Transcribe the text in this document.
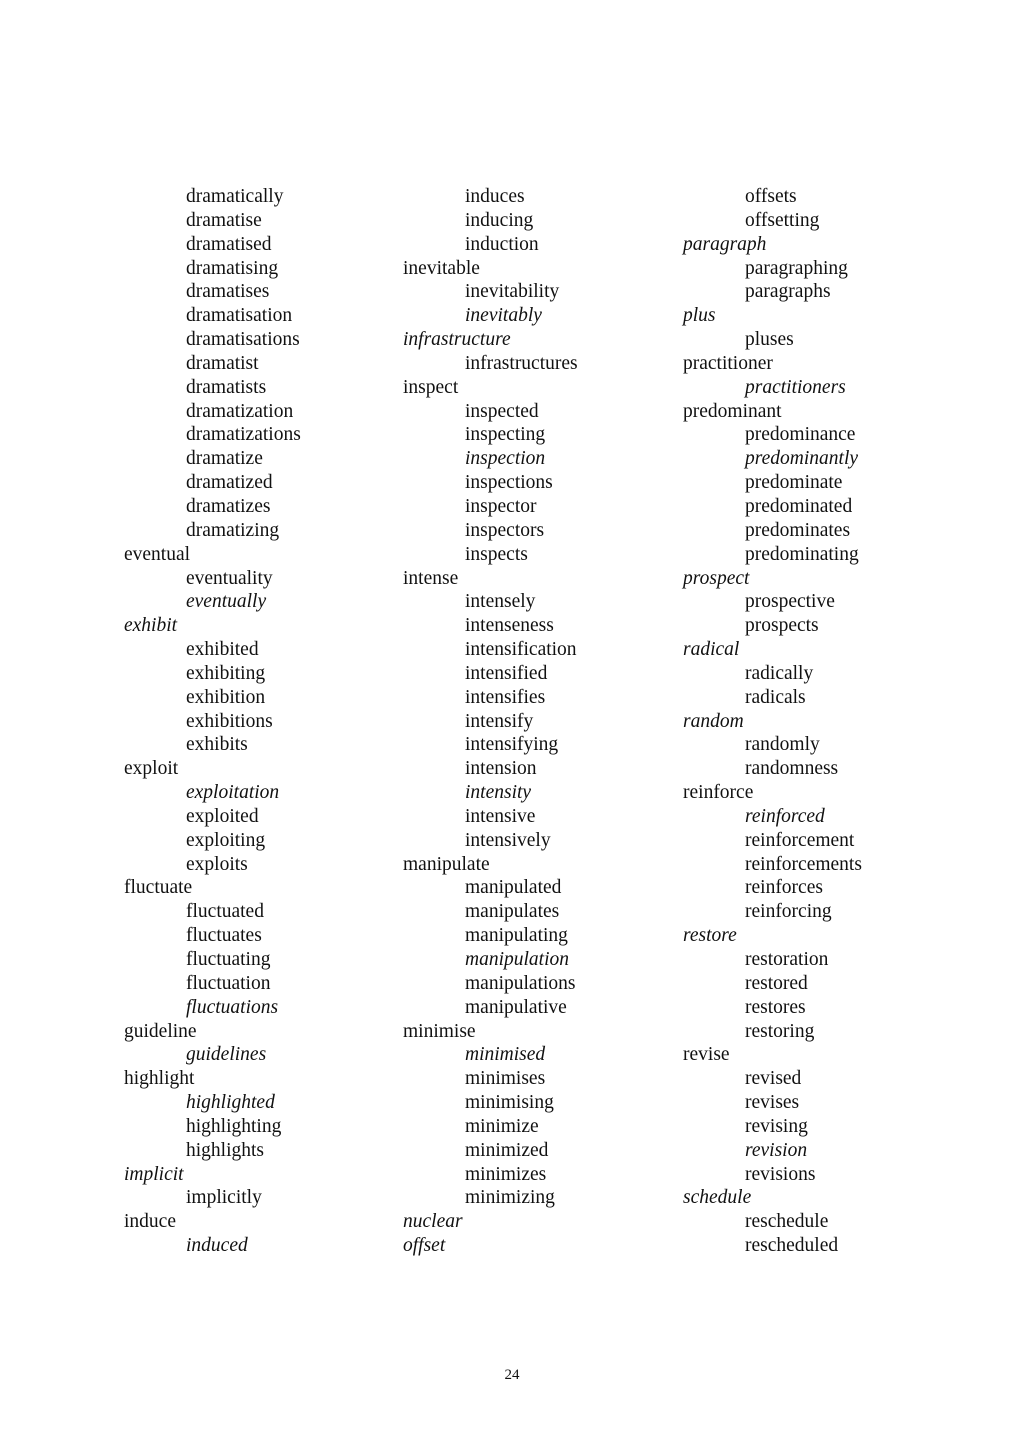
dramatically
dramatise
dramatised
dramatising
dramatises
dramatisation
dramatisations
dramatist
dramatists
dramatization
dramatizations
dramatize
dramatized
dramatizes
dramatizing
eventual
eventuality
eventually
exhibit
exhibited
exhibiting
exhibition
exhibitions
exhibits
exploit
exploitation
exploited
exploiting
exploits
fluctuate
fluctuated
fluctuates
fluctuating
fluctuation
fluctuations
guideline
guidelines
highlight
highlighted
highlighting
highlights
implicit
implicitly
induce
induced
induces
inducing
induction
inevitable
inevitability
inevitably
infrastructure
infrastructures
inspect
inspected
inspecting
inspection
inspections
inspector
inspectors
inspects
intense
intensely
intenseness
intensification
intensified
intensifies
intensify
intensifying
intension
intensity
intensive
intensively
manipulate
manipulated
manipulates
manipulating
manipulation
manipulations
manipulative
minimise
minimised
minimises
minimising
minimize
minimized
minimizes
minimizing
nuclear
offset
offsets
offsetting
paragraph
paragraphing
paragraphs
plus
pluses
practitioner
practitioners
predominant
predominance
predominantly
predominate
predominated
predominates
predominating
prospect
prospective
prospects
radical
radically
radicals
random
randomly
randomness
reinforce
reinforced
reinforcement
reinforcements
reinforces
reinforcing
restore
restoration
restored
restores
restoring
revise
revised
revises
revising
revision
revisions
schedule
reschedule
rescheduled
24
